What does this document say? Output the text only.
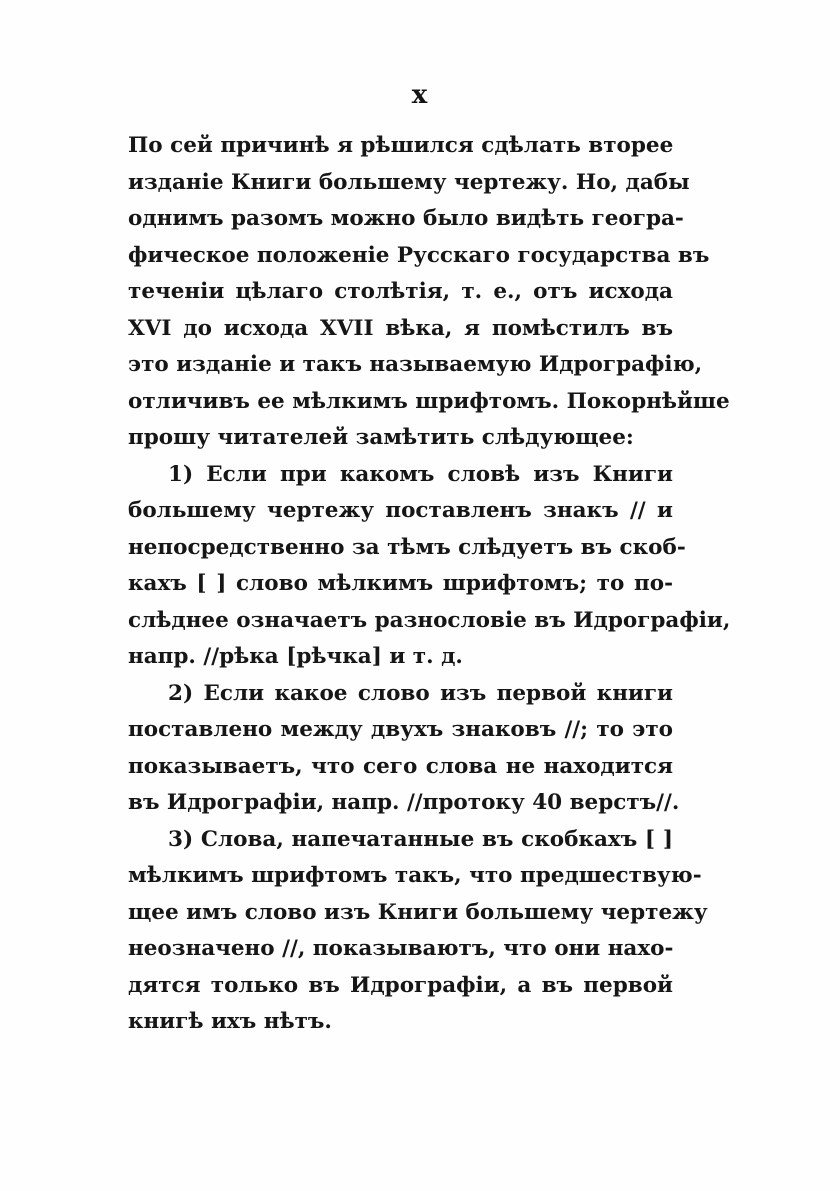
x
По сей причинѣ я рѣшился сдѣлать вторее
изданіе Книги большему чертежу. Но, дабы
однимъ разомъ можно было видѣть геогра-
фическое положеніе Русскаго государства въ
теченіи цѣлаго столѣтія, т. е., отъ исхода
XVI до исхода XVII вѣка, я помѣстилъ въ
это изданіе и такъ называемую Идрографію,
отличивъ ее мѣлкимъ шрифтомъ. Покорнѣйше
прошу читателей замѣтить слѣдующее:
1) Если при какомъ словѣ изъ Книги
большему чертежу поставленъ знакъ // и
непосредственно за тѣмъ слѣдуетъ въ скоб-
кахъ [ ] слово мѣлкимъ шрифтомъ; то по-
слѣднее означаетъ разнословіе въ Идрографіи,
напр. //рѣка [рѣчка] и т. д.
2) Если какое слово изъ первой книги
поставлено между двухъ знаковъ //; то это
показываетъ, что сего слова не находится
въ Идрографіи, напр. //протоку 40 верстъ//.
3) Слова, напечатанные въ скобкахъ [ ]
мѣлкимъ шрифтомъ такъ, что предшествую-
щее имъ слово изъ Книги большему чертежу
неозначено //, показываютъ, что они нахо-
дятся только въ Идрографіи, а въ первой
книгѣ ихъ нѣтъ.
